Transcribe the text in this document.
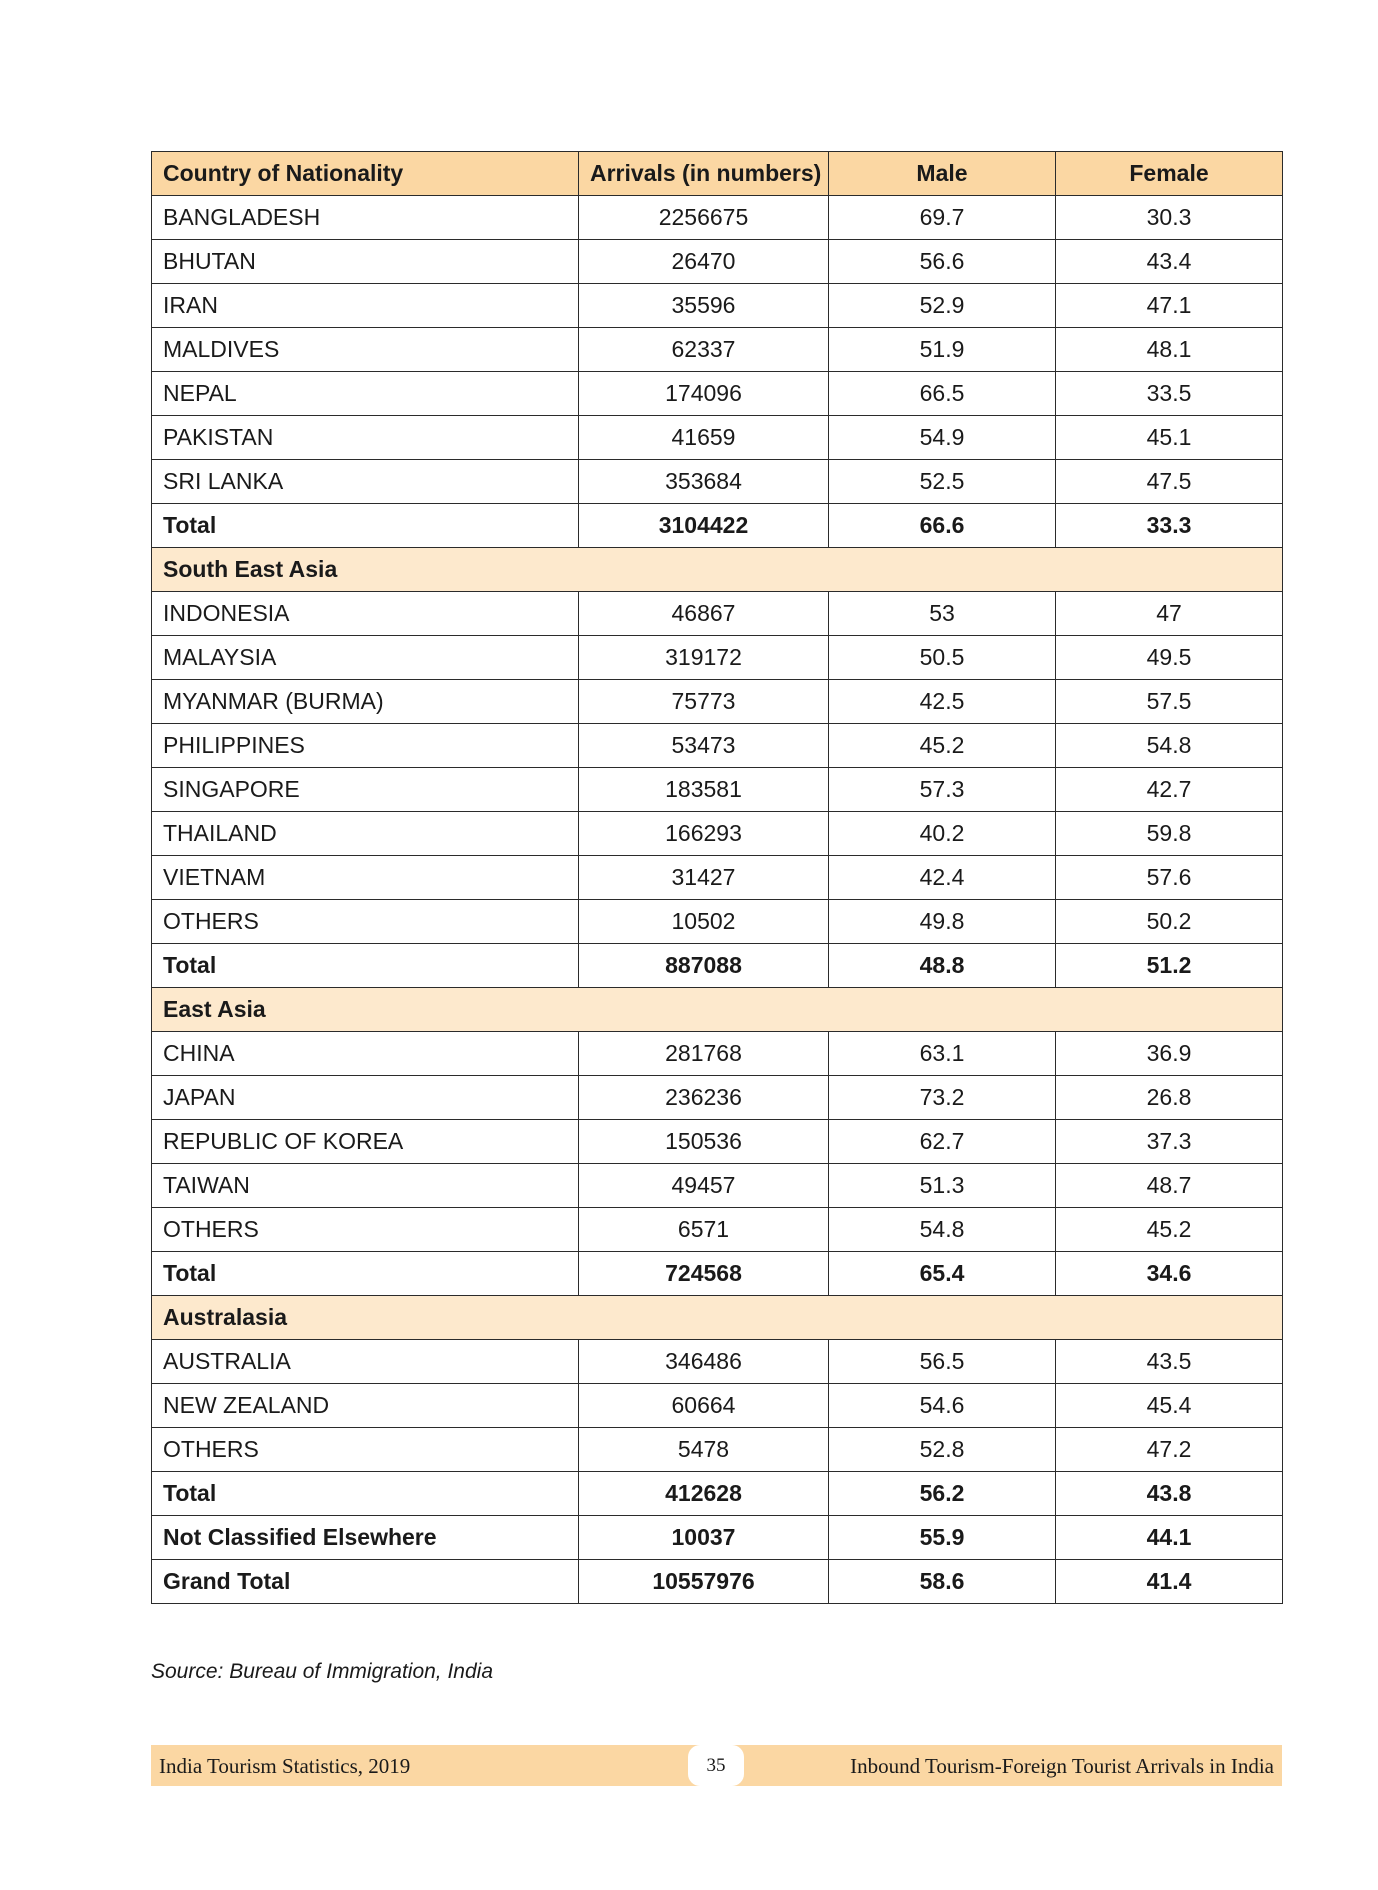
Country of Nationality	Arrivals (in numbers)	Male	Female
BANGLADESH	2256675	69.7	30.3
BHUTAN	26470	56.6	43.4
IRAN	35596	52.9	47.1
MALDIVES	62337	51.9	48.1
NEPAL	174096	66.5	33.5
PAKISTAN	41659	54.9	45.1
SRI LANKA	353684	52.5	47.5
Total	3104422	66.6	33.3
South East Asia			
INDONESIA	46867	53	47
MALAYSIA	319172	50.5	49.5
MYANMAR (BURMA)	75773	42.5	57.5
PHILIPPINES	53473	45.2	54.8
SINGAPORE	183581	57.3	42.7
THAILAND	166293	40.2	59.8
VIETNAM	31427	42.4	57.6
OTHERS	10502	49.8	50.2
Total	887088	48.8	51.2
East Asia			
CHINA	281768	63.1	36.9
JAPAN	236236	73.2	26.8
REPUBLIC OF KOREA	150536	62.7	37.3
TAIWAN	49457	51.3	48.7
OTHERS	6571	54.8	45.2
Total	724568	65.4	34.6
Australasia			
AUSTRALIA	346486	56.5	43.5
NEW ZEALAND	60664	54.6	45.4
OTHERS	5478	52.8	47.2
Total	412628	56.2	43.8
Not Classified Elsewhere	10037	55.9	44.1
Grand Total	10557976	58.6	41.4
Source: Bureau of Immigration, India
India Tourism Statistics, 2019	35	Inbound Tourism-Foreign Tourist Arrivals in India
